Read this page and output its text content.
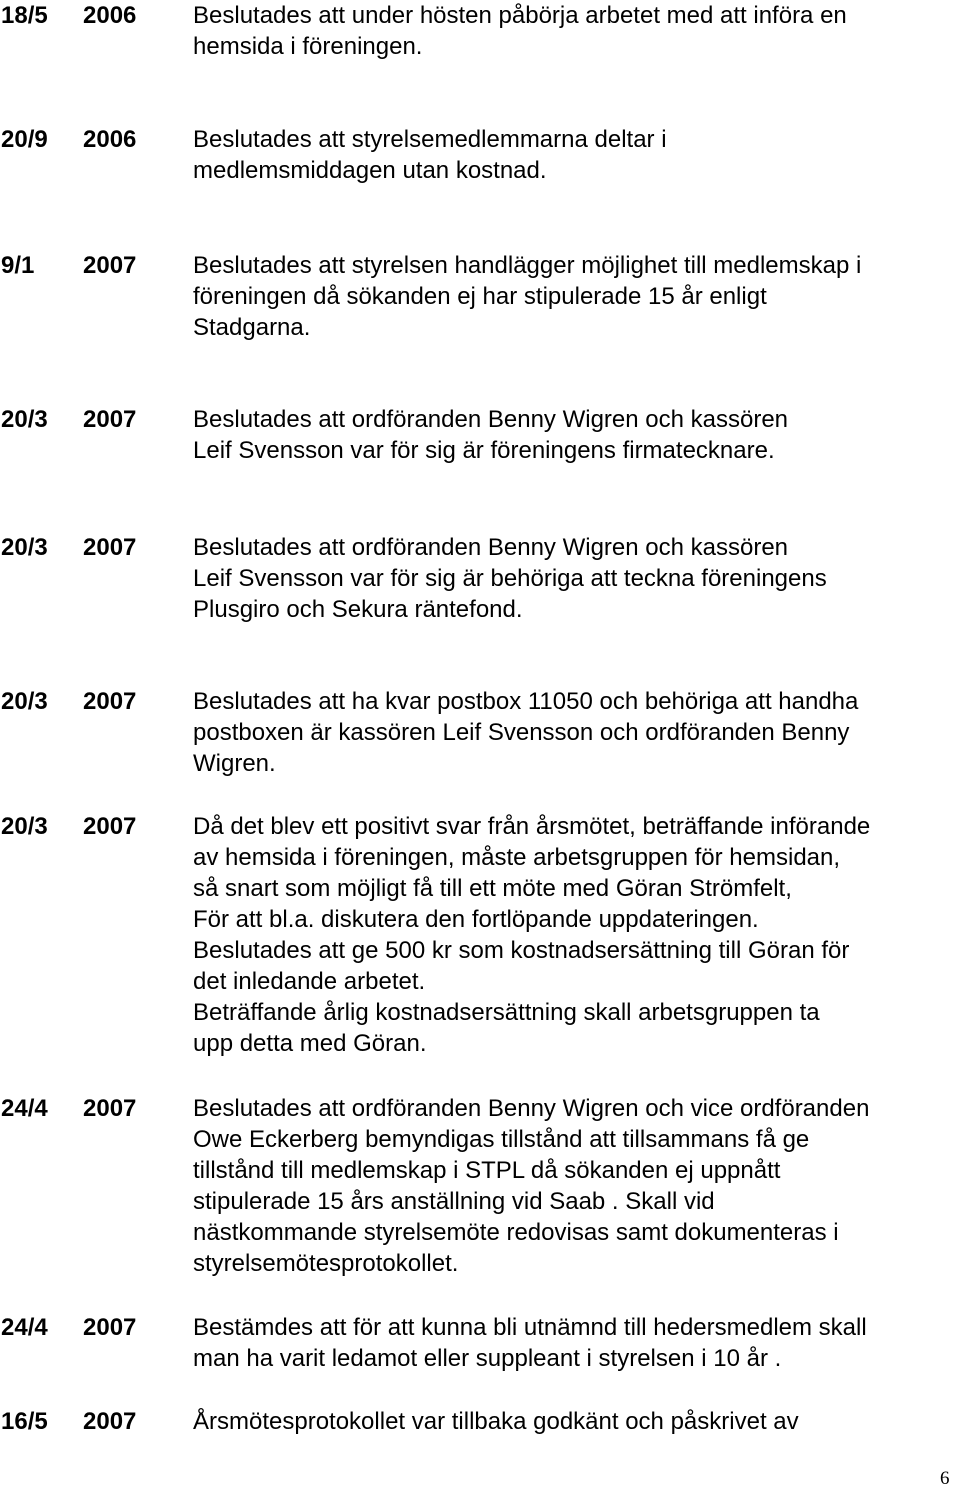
18/5 2006 Beslutades att under hösten påbörja arbetet med att införa en
hemsida i föreningen.
20/9 2006 Beslutades att styrelsemedlemmarna deltar i
medlemsmiddagen utan kostnad.
9/1 2007 Beslutades att styrelsen handlägger möjlighet till medlemskap i
föreningen då sökanden ej har stipulerade 15 år enligt
Stadgarna.
20/3 2007 Beslutades att ordföranden Benny Wigren och kassören
Leif Svensson var för sig är föreningens firmatecknare.
20/3 2007 Beslutades att ordföranden Benny Wigren och kassören
Leif Svensson var för sig är behöriga att teckna föreningens
Plusgiro och Sekura räntefond.
20/3 2007 Beslutades att ha kvar postbox 11050 och behöriga att handha
postboxen är kassören Leif Svensson och ordföranden Benny
Wigren.
20/3 2007 Då det blev ett positivt svar från årsmötet, beträffande införande
av hemsida i föreningen, måste arbetsgruppen för hemsidan,
så snart som möjligt få till ett möte med Göran Strömfelt,
För att bl.a. diskutera den fortlöpande uppdateringen.
Beslutades att ge 500 kr som kostnadsersättning till Göran för
det inledande arbetet.
Beträffande årlig kostnadsersättning skall arbetsgruppen ta
upp detta med Göran.
24/4 2007 Beslutades att ordföranden Benny Wigren och vice ordföranden
Owe Eckerberg bemyndigas tillstånd att tillsammans få ge
tillstånd till medlemskap i STPL då sökanden ej uppnått
stipulerade 15 års anställning vid Saab . Skall vid
nästkommande styrelsemöte redovisas samt dokumenteras i
styrelsemötesprotokollet.
24/4 2007 Bestämdes att för att kunna bli utnämnd till hedersmedlem skall
man ha varit ledamot eller suppleant i styrelsen i 10 år .
16/5 2007 Årsmötesprotokollet var tillbaka godkänt och påskrivet av
6
